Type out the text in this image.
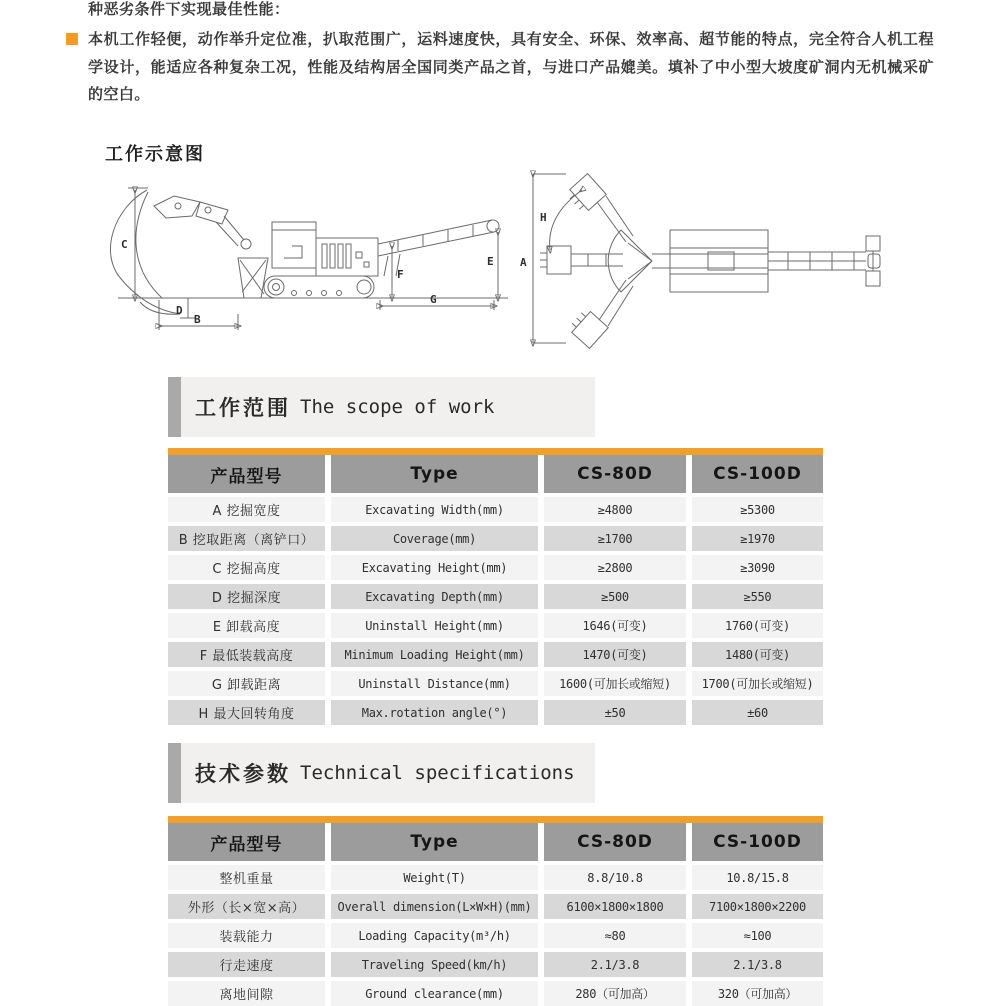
种恶劣条件下实现最佳性能：
本机工作轻便，动作举升定位准，扒取范围广，运料速度快，具有安全、环保、效率高、超节能的特点，完全符合人机工程学设计，能适应各种复杂工况，性能及结构居全国同类产品之首，与进口产品媲美。填补了中小型大坡度矿洞内无机械采矿的空白。
工作示意图
C
D
B
F
E
G
A
H
工作范围 The scope of work
产品型号	Type	CS-80D	CS-100D
A 挖掘宽度	Excavating Width(mm)	≥4800	≥5300
B 挖取距离（离铲口）	Coverage(mm)	≥1700	≥1970
C 挖掘高度	Excavating Height(mm)	≥2800	≥3090
D 挖掘深度	Excavating Depth(mm)	≥500	≥550
E 卸载高度	Uninstall Height(mm)	1646(可变)	1760(可变)
F 最低装载高度	Minimum Loading Height(mm)	1470(可变)	1480(可变)
G 卸载距离	Uninstall Distance(mm)	1600(可加长或缩短)	1700(可加长或缩短)
H 最大回转角度	Max.rotation angle(°)	±50	±60
技术参数 Technical specifications
产品型号	Type	CS-80D	CS-100D
整机重量	Weight(T)	8.8/10.8	10.8/15.8
外形（长×宽×高）	Overall dimension(L×W×H)(mm)	6100×1800×1800	7100×1800×2200
装载能力	Loading Capacity(m³/h)	≈80	≈100
行走速度	Traveling Speed(km/h)	2.1/3.8	2.1/3.8
离地间隙	Ground clearance(mm)	280（可加高）	320（可加高）
